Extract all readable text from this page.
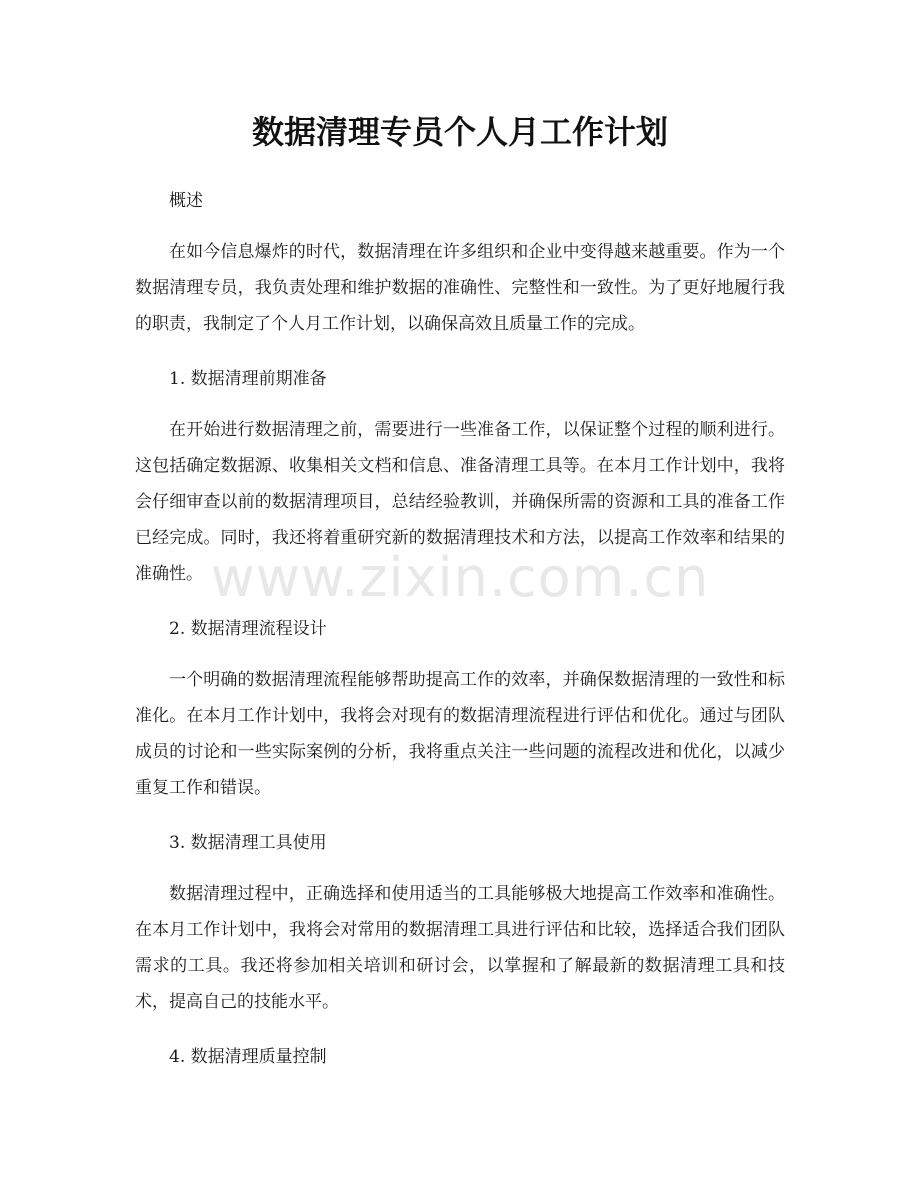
数据清理专员个人月工作计划
概述

在如今信息爆炸的时代，数据清理在许多组织和企业中变得越来越重要。作为一个数据清理专员，我负责处理和维护数据的准确性、完整性和一致性。为了更好地履行我的职责，我制定了个人月工作计划，以确保高效且质量工作的完成。

1. 数据清理前期准备

在开始进行数据清理之前，需要进行一些准备工作，以保证整个过程的顺利进行。这包括确定数据源、收集相关文档和信息、准备清理工具等。在本月工作计划中，我将会仔细审查以前的数据清理项目，总结经验教训，并确保所需的资源和工具的准备工作已经完成。同时，我还将着重研究新的数据清理技术和方法，以提高工作效率和结果的准确性。

2. 数据清理流程设计

一个明确的数据清理流程能够帮助提高工作的效率，并确保数据清理的一致性和标准化。在本月工作计划中，我将会对现有的数据清理流程进行评估和优化。通过与团队成员的讨论和一些实际案例的分析，我将重点关注一些问题的流程改进和优化，以减少重复工作和错误。

3. 数据清理工具使用

数据清理过程中，正确选择和使用适当的工具能够极大地提高工作效率和准确性。在本月工作计划中，我将会对常用的数据清理工具进行评估和比较，选择适合我们团队需求的工具。我还将参加相关培训和研讨会，以掌握和了解最新的数据清理工具和技术，提高自己的技能水平。

4. 数据清理质量控制
www.zixin.com.cn
